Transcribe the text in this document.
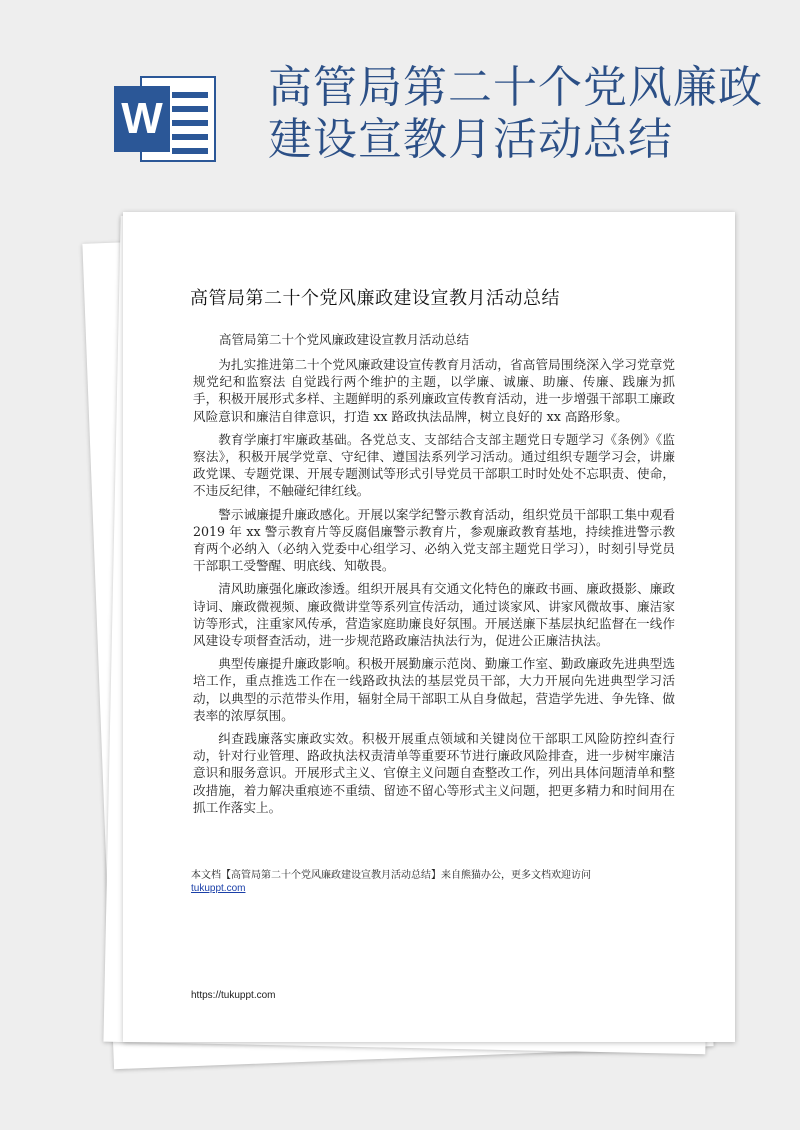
W
高管局第二十个党风廉政建设宣教月活动总结
高管局第二十个党风廉政建设宣教月活动总结

高管局第二十个党风廉政建设宣教月活动总结

为扎实推进第二十个党风廉政建设宣传教育月活动，省高管局围绕深入学习党章党规党纪和监察法 自觉践行两个维护的主题，以学廉、诚廉、助廉、传廉、践廉为抓手，积极开展形式多样、主题鲜明的系列廉政宣传教育活动，进一步增强干部职工廉政风险意识和廉洁自律意识，打造 xx 路政执法品牌，树立良好的 xx 高路形象。

教育学廉打牢廉政基础。各党总支、支部结合支部主题党日专题学习《条例》《监察法》，积极开展学党章、守纪律、遵国法系列学习活动。通过组织专题学习会，讲廉政党课、专题党课、开展专题测试等形式引导党员干部职工时时处处不忘职责、使命，不违反纪律，不触碰纪律红线。

警示诫廉提升廉政感化。开展以案学纪警示教育活动，组织党员干部职工集中观看 2019 年 xx 警示教育片等反腐倡廉警示教育片，参观廉政教育基地，持续推进警示教育两个必纳入（必纳入党委中心组学习、必纳入党支部主题党日学习），时刻引导党员干部职工受警醒、明底线、知敬畏。

清风助廉强化廉政渗透。组织开展具有交通文化特色的廉政书画、廉政摄影、廉政诗词、廉政微视频、廉政微讲堂等系列宣传活动，通过谈家风、讲家风微故事、廉洁家访等形式，注重家风传承，营造家庭助廉良好氛围。开展送廉下基层执纪监督在一线作风建设专项督查活动，进一步规范路政廉洁执法行为，促进公正廉洁执法。

典型传廉提升廉政影响。积极开展勤廉示范岗、勤廉工作室、勤政廉政先进典型选培工作，重点推选工作在一线路政执法的基层党员干部，大力开展向先进典型学习活动，以典型的示范带头作用，辐射全局干部职工从自身做起，营造学先进、争先锋、做表率的浓厚氛围。

纠查践廉落实廉政实效。积极开展重点领域和关键岗位干部职工风险防控纠查行动，针对行业管理、路政执法权责清单等重要环节进行廉政风险排查，进一步树牢廉洁意识和服务意识。开展形式主义、官僚主义问题自查整改工作，列出具体问题清单和整改措施，着力解决重痕迹不重绩、留迹不留心等形式主义问题，把更多精力和时间用在抓工作落实上。

本文档【高管局第二十个党风廉政建设宣教月活动总结】来自熊猫办公，更多文档欢迎访问
tukuppt.com
https://tukuppt.com
